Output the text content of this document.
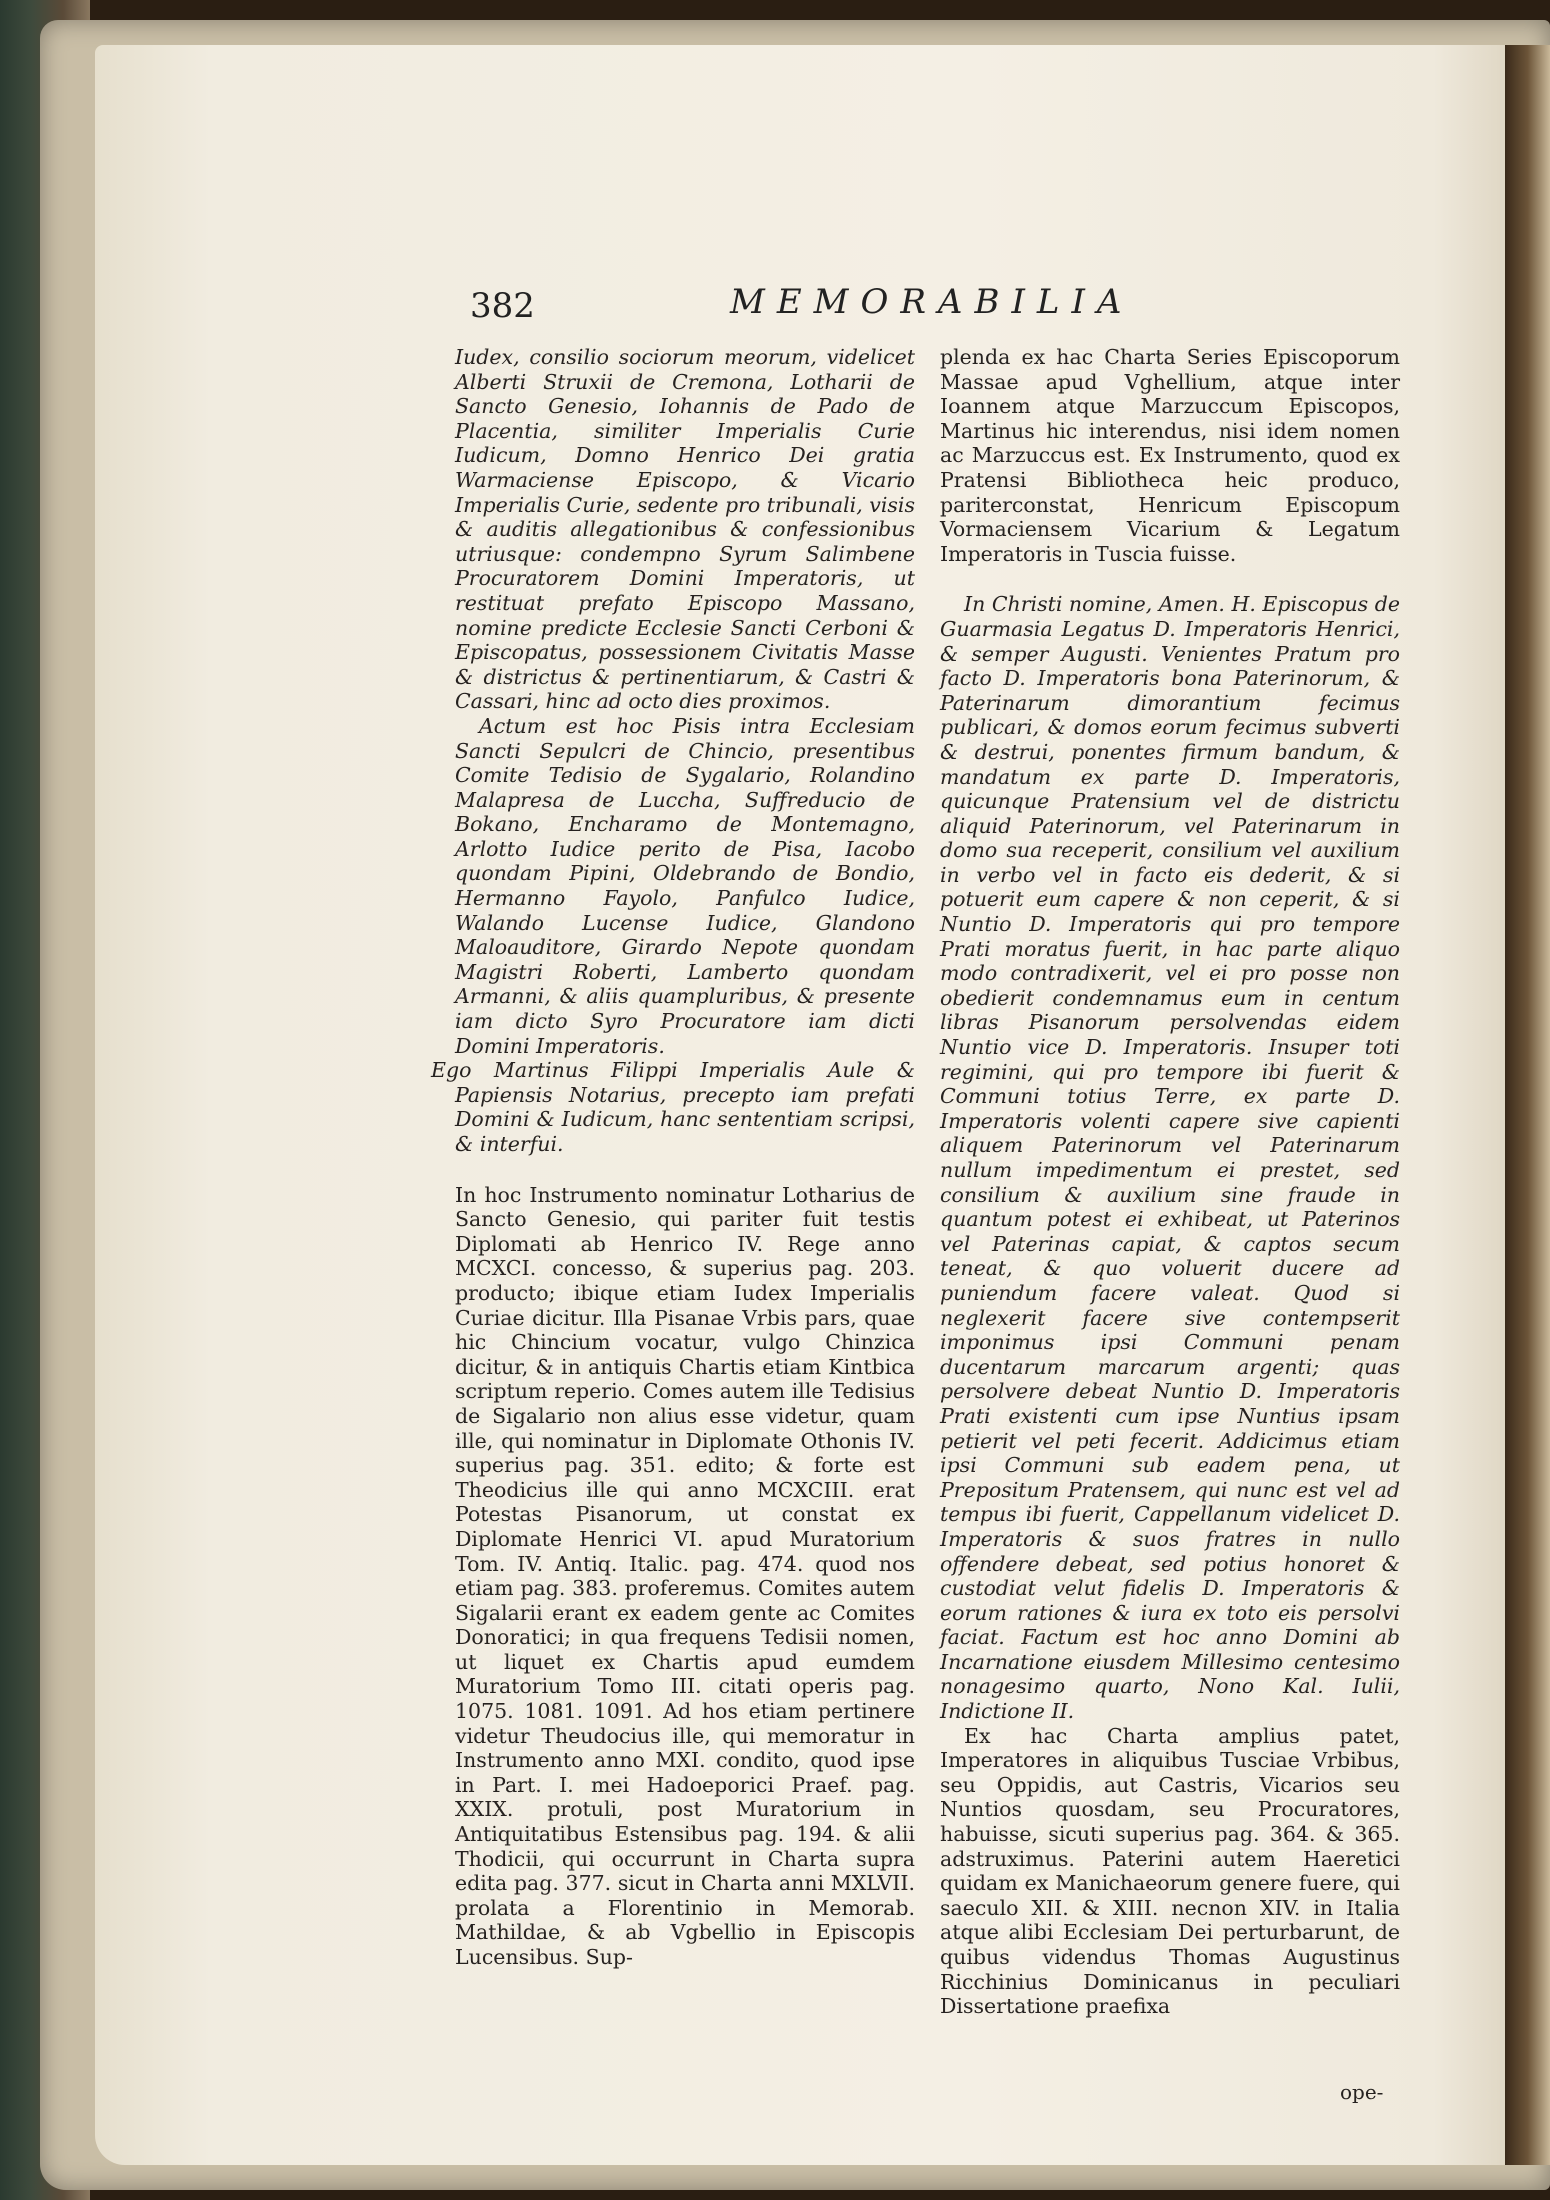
382	MEMORABILIA

Iudex, consilio sociorum meorum, videlicet Alberti Struxii de Cremona, Lotharii de Sancto Genesio, Iohannis de Pado de Placentia, similiter Imperialis Curie Iudicum, Domno Henrico Dei gratia Warmaciense Episcopo, & Vicario Imperialis Curie, sedente pro tribunali, visis & auditis allegationibus & confessionibus utriusque: condempno Syrum Salimbene Procuratorem Domini Imperatoris, ut restituat prefato Episcopo Massano, nomine predicte Ecclesie Sancti Cerboni & Episcopatus, possessionem Civitatis Masse & districtus & pertinentiarum, & Castri & Cassari, hinc ad octo dies proximos.

Actum est hoc Pisis intra Ecclesiam Sancti Sepulcri de Chincio, presentibus Comite Tedisio de Sygalario, Rolandino Malapresa de Luccha, Suffreducio de Bokano, Encharamo de Montemagno, Arlotto Iudice perito de Pisa, Iacobo quondam Pipini, Oldebrando de Bondio, Hermanno Fayolo, Panfulco Iudice, Walando Lucense Iudice, Glandono Maloauditore, Girardo Nepote quondam Magistri Roberti, Lamberto quondam Armanni, & aliis quampluribus, & presente iam dicto Syro Procuratore iam dicti Domini Imperatoris.

Ego Martinus Filippi Imperialis Aule & Papiensis Notarius, precepto iam prefati Domini & Iudicum, hanc sententiam scripsi, & interfui.

In hoc Instrumento nominatur Lotharius de Sancto Genesio, qui pariter fuit testis Diplomati ab Henrico IV. Rege anno MCXCI. concesso, & superius pag. 203. producto; ibique etiam Iudex Imperialis Curiae dicitur. Illa Pisanae Vrbis pars, quae hic Chincium vocatur, vulgo Chinzica dicitur, & in antiquis Chartis etiam Kintbica scriptum reperio. Comes autem ille Tedisius de Sigalario non alius esse videtur, quam ille, qui nominatur in Diplomate Othonis IV. superius pag. 351. edito; & forte est Theodicius ille qui anno MCXCIII. erat Potestas Pisanorum, ut constat ex Diplomate Henrici VI. apud Muratorium Tom. IV. Antiq. Italic. pag. 474. quod nos etiam pag. 383. proferemus. Comites autem Sigalarii erant ex eadem gente ac Comites Donoratici; in qua frequens Tedisii nomen, ut liquet ex Chartis apud eumdem Muratorium Tomo III. citati operis pag. 1075. 1081. 1091. Ad hos etiam pertinere videtur Theudocius ille, qui memoratur in Instrumento anno MXI. condito, quod ipse in Part. I. mei Hadoeporici Praef. pag. XXIX. protuli, post Muratorium in Antiquitatibus Estensibus pag. 194. & alii Thodicii, qui occurrunt in Charta supra edita pag. 377. sicut in Charta anni MXLVII. prolata a Florentinio in Memorab. Mathildae, & ab Vgbellio in Episcopis Lucensibus. Sup-

plenda ex hac Charta Series Episcoporum Massae apud Vghellium, atque inter Ioannem atque Marzuccum Episcopos, Martinus hic interendus, nisi idem nomen ac Marzuccus est. Ex Instrumento, quod ex Pratensi Bibliotheca heic produco, pariterconstat, Henricum Episcopum Vormaciensem Vicarium & Legatum Imperatoris in Tuscia fuisse.

In Christi nomine, Amen. H. Episcopus de Guarmasia Legatus D. Imperatoris Henrici, & semper Augusti. Venientes Pratum pro facto D. Imperatoris bona Paterinorum, & Paterinarum dimorantium fecimus publicari, & domos eorum fecimus subverti & destrui, ponentes firmum bandum, & mandatum ex parte D. Imperatoris, quicunque Pratensium vel de districtu aliquid Paterinorum, vel Paterinarum in domo sua receperit, consilium vel auxilium in verbo vel in facto eis dederit, & si potuerit eum capere & non ceperit, & si Nuntio D. Imperatoris qui pro tempore Prati moratus fuerit, in hac parte aliquo modo contradixerit, vel ei pro posse non obedierit condemnamus eum in centum libras Pisanorum persolvendas eidem Nuntio vice D. Imperatoris. Insuper toti regimini, qui pro tempore ibi fuerit & Communi totius Terre, ex parte D. Imperatoris volenti capere sive capienti aliquem Paterinorum vel Paterinarum nullum impedimentum ei prestet, sed consilium & auxilium sine fraude in quantum potest ei exhibeat, ut Paterinos vel Paterinas capiat, & captos secum teneat, & quo voluerit ducere ad puniendum facere valeat. Quod si neglexerit facere sive contempserit imponimus ipsi Communi penam ducentarum marcarum argenti; quas persolvere debeat Nuntio D. Imperatoris Prati existenti cum ipse Nuntius ipsam petierit vel peti fecerit. Addicimus etiam ipsi Communi sub eadem pena, ut Prepositum Pratensem, qui nunc est vel ad tempus ibi fuerit, Cappellanum videlicet D. Imperatoris & suos fratres in nullo offendere debeat, sed potius honoret & custodiat velut fidelis D. Imperatoris & eorum rationes & iura ex toto eis persolvi faciat. Factum est hoc anno Domini ab Incarnatione eiusdem Millesimo centesimo nonagesimo quarto, Nono Kal. Iulii, Indictione II.

Ex hac Charta amplius patet, Imperatores in aliquibus Tusciae Vrbibus, seu Oppidis, aut Castris, Vicarios seu Nuntios quosdam, seu Procuratores, habuisse, sicuti superius pag. 364. & 365. adstruximus. Paterini autem Haeretici quidam ex Manichaeorum genere fuere, qui saeculo XII. & XIII. necnon XIV. in Italia atque alibi Ecclesiam Dei perturbarunt, de quibus videndus Thomas Augustinus Ricchinius Dominicanus in peculiari Dissertatione praefixa

ope-
